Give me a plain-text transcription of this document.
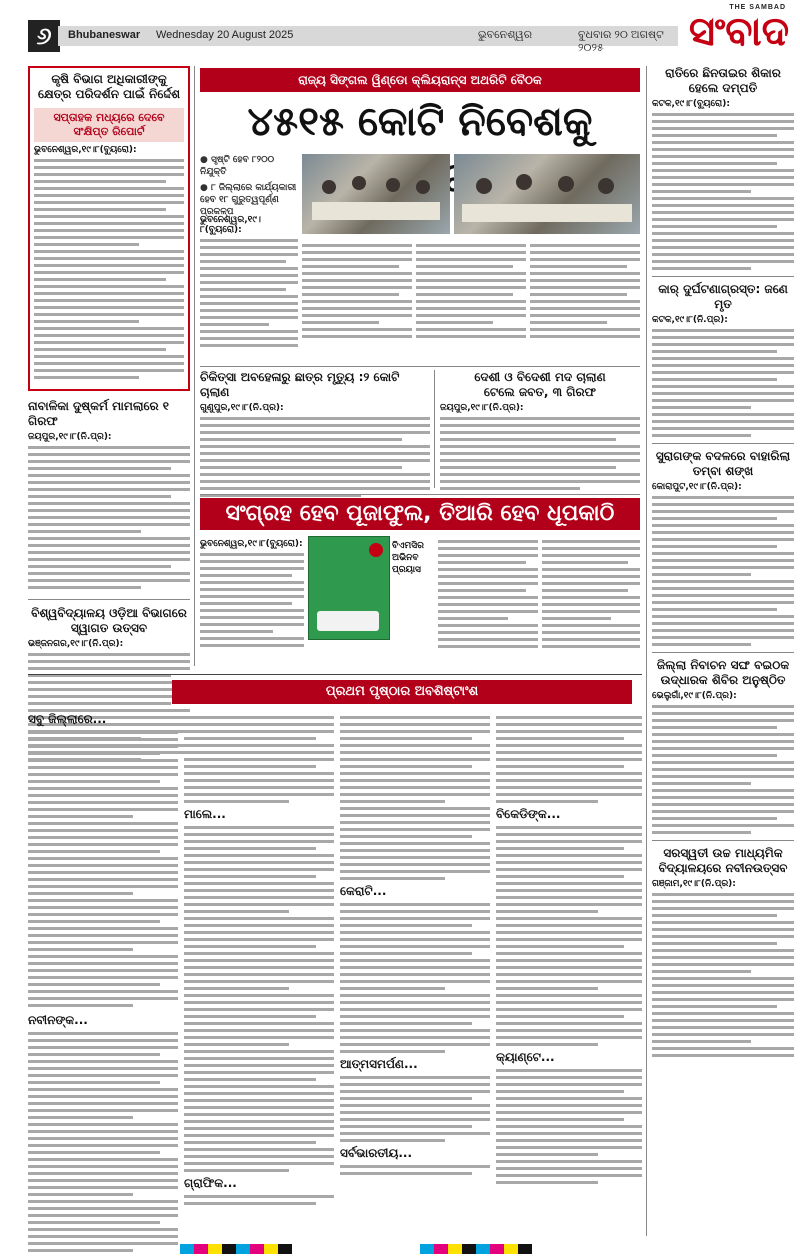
୬	Bhubaneswar Wednesday 20 August 2025	ଭୁବନେଶ୍ୱର	ବୁଧବାର ୨୦ ଅଗଷ୍ଟ ୨୦୨୫
THE SAMBAD
ସଂବାଦ
କୃଷି ବିଭାଗ ଅଧିକାରୀଙ୍କୁ କ୍ଷେତ୍ର ପରିଦର୍ଶନ ପାଇଁ ନିର୍ଦ୍ଦେଶ
ସପ୍ତାହକ ମଧ୍ୟରେ ଦେବେ ସଂକ୍ଷିପ୍ତ ରିପୋର୍ଟ
ଭୁବନେଶ୍ୱର,୧୯।୮(ବ୍ୟୁରୋ):
ନାବାଳିକା ଦୁଷ୍କର୍ମ ମାମଲାରେ ୧ ଗିରଫ
ଜୟପୁର,୧୯।୮(ନି.ପ୍ର):
ବିଶ୍ୱବିଦ୍ୟାଳୟ ଓଡ଼ିଆ ବିଭାଗରେ ସ୍ୱାଗତ ଉତ୍ସବ
ଭଞ୍ଜନଗର,୧୯।୮(ନି.ପ୍ର):
ରାଜ୍ୟ ସିଙ୍ଗଲ ୱିଣ୍ଡୋ କ୍ଲିୟରାନ୍ସ ଅଥରିଟି ବୈଠକ
୪୫୧୫ କୋଟି ନିବେଶକୁ
● ସୃଷ୍ଟି ହେବ ୮୨୦୦ ନିଯୁକ୍ତି
● ୮ ଜିଲ୍ଲାରେ କାର୍ଯ୍ୟକାରୀ ହେବ ୧୮ ଗୁରୁତ୍ୱପୂର୍ଣ୍ଣ ପ୍ରକଳ୍ପ
ଭୁବନେଶ୍ୱର,୧୯।୮(ବ୍ୟୁରୋ):
ଚିକିତ୍ସା ଅବହେଳାରୁ ଛାତ୍ର ମୃତ୍ୟୁ :୨ କୋଟି ଚାଲାଣ
ଗୁଣୁପୁର,୧୯।୮(ନି.ପ୍ର):
ଦେଶୀ ଓ ବିଦେଶୀ ମଦ ଚାଲାଣ
ଟେଲେ ଜବତ, ୩ ଗିରଫ
ଜୟପୁର,୧୯।୮(ନି.ପ୍ର):
ସଂଗ୍ରହ ହେବ ପୂଜାଫୁଲ, ତିଆରି ହେବ ଧୂପକାଠି
ଭୁବନେଶ୍ୱର,୧୯।୮(ବ୍ୟୁରୋ):	ବିଏମସିର ଅଭିନବ ପ୍ରୟାସ
ରାତିରେ ଛିନତାଇର ଶିକାର ହେଲେ ଦମ୍ପତି
କଟକ,୧୯।୮(ବ୍ୟୁରୋ):
କାର୍ ଦୁର୍ଘଟଣାଗ୍ରସ୍ତ: ଜଣେ ମୃତ
କଟକ,୧୯।୮(ନି.ପ୍ର):
ସୁରାଗଙ୍କ ବଦଳରେ ବାହାରିଲା ତମ୍ବା ଶଙ୍ଖ
କୋରାପୁଟ,୧୯।୮(ନି.ପ୍ର):
ଜିଲ୍ଲା ନିବାଚନ ସଙ୍ଘ ବଇଠକ ଉଦ୍ଧାରକ ଶିବିର ଅନୁଷ୍ଠିତ
ଭେଲୁଗାଁ,୧୯।୮(ନି.ପ୍ର):
ସରସ୍ୱତୀ ଉଚ୍ଚ ମାଧ୍ୟମିକ ବିଦ୍ୟାଳୟରେ ନବୀନଉତ୍ସବ
ଗଞ୍ଜାମ,୧୯।୮(ନି.ପ୍ର):
ପ୍ରଥମ ପୃଷ୍ଠାର ଅବଶିଷ୍ଟାଂଶ
ସବୁ ଜିଲ୍ଲାରେ...
ନବୀନଙ୍କ...
ମାଲେ...
ଗ୍ରାଫିକ...
କେରାଟି...
ଆତ୍ମସମର୍ପଣ...
ସର୍ବଭାରତୀୟ...
ବିକେଡିଙ୍କ...
କ୍ୟାଣ୍ଟେ...
